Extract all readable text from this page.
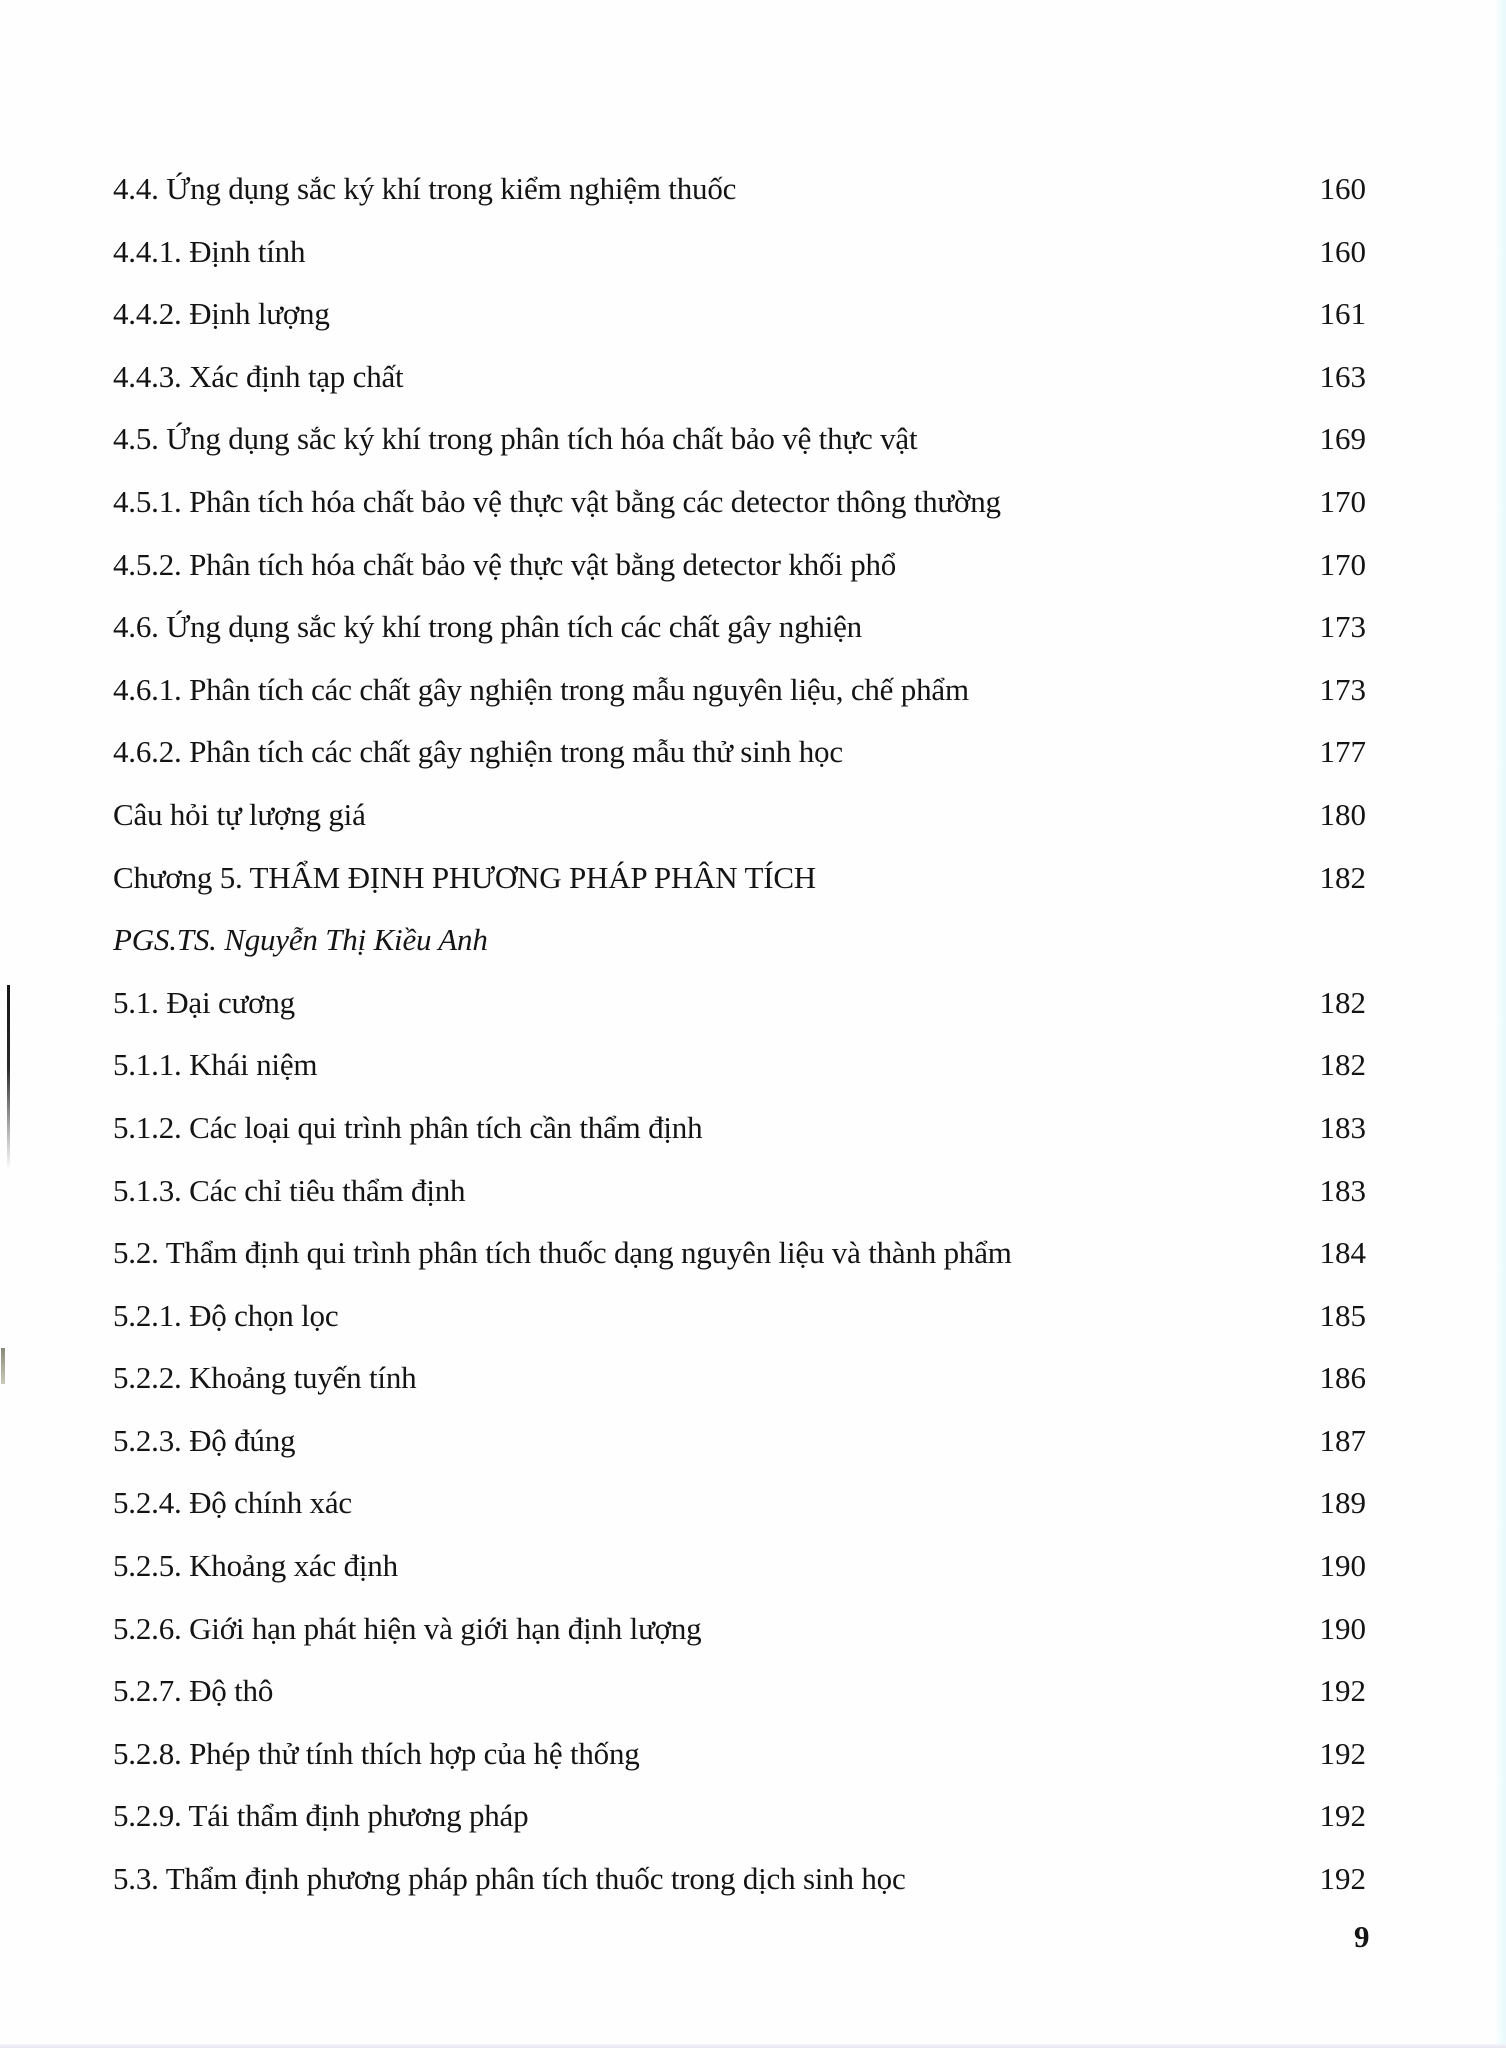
4.4. Ứng dụng sắc ký khí trong kiểm nghiệm thuốc	160
4.4.1. Định tính	160
4.4.2. Định lượng	161
4.4.3. Xác định tạp chất	163
4.5. Ứng dụng sắc ký khí trong phân tích hóa chất bảo vệ thực vật	169
4.5.1. Phân tích hóa chất bảo vệ thực vật bằng các detector thông thường	170
4.5.2. Phân tích hóa chất bảo vệ thực vật bằng detector khối phổ	170
4.6. Ứng dụng sắc ký khí trong phân tích các chất gây nghiện	173
4.6.1. Phân tích các chất gây nghiện trong mẫu nguyên liệu, chế phẩm	173
4.6.2. Phân tích các chất gây nghiện trong mẫu thử sinh học	177
Câu hỏi tự lượng giá	180
Chương 5. THẨM ĐỊNH PHƯƠNG PHÁP PHÂN TÍCH	182
PGS.TS. Nguyễn Thị Kiều Anh
5.1. Đại cương	182
5.1.1. Khái niệm	182
5.1.2. Các loại qui trình phân tích cần thẩm định	183
5.1.3. Các chỉ tiêu thẩm định	183
5.2. Thẩm định qui trình phân tích thuốc dạng nguyên liệu và thành phẩm	184
5.2.1. Độ chọn lọc	185
5.2.2. Khoảng tuyến tính	186
5.2.3. Độ đúng	187
5.2.4. Độ chính xác	189
5.2.5. Khoảng xác định	190
5.2.6. Giới hạn phát hiện và giới hạn định lượng	190
5.2.7. Độ thô	192
5.2.8. Phép thử tính thích hợp của hệ thống	192
5.2.9. Tái thẩm định phương pháp	192
5.3. Thẩm định phương pháp phân tích thuốc trong dịch sinh học	192
9
